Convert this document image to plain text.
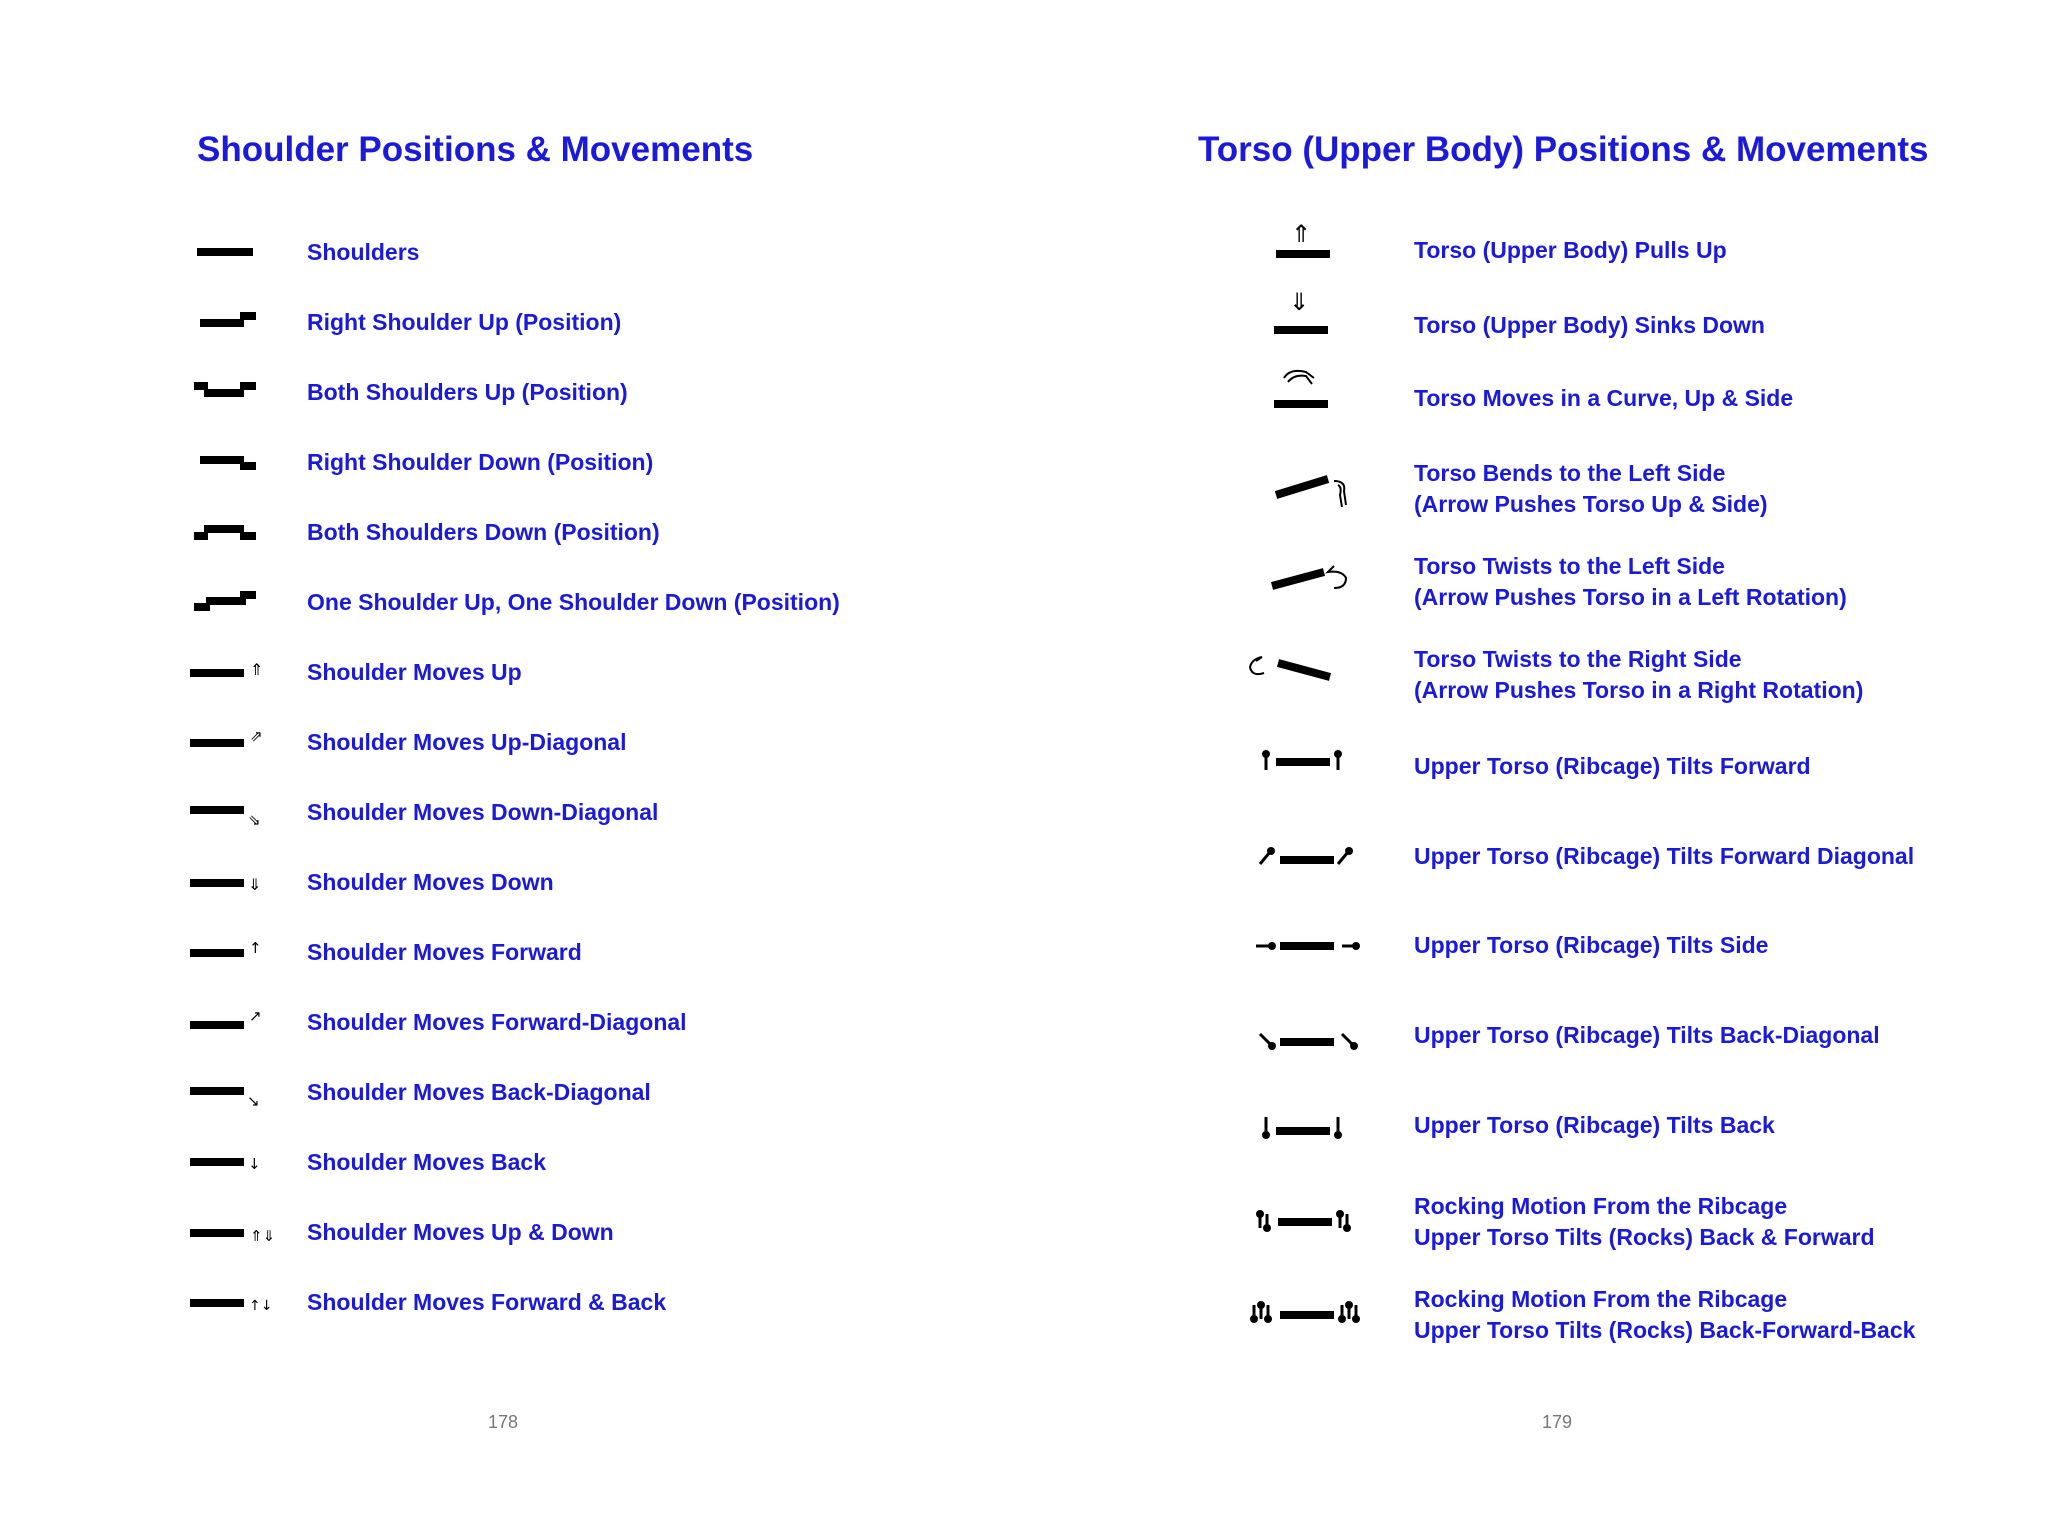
Shoulder Positions & Movements
Shoulders
Right Shoulder Up (Position)
Both Shoulders Up (Position)
Right Shoulder Down (Position)
Both Shoulders Down (Position)
One Shoulder Up, One Shoulder Down (Position)
⇑ Shoulder Moves Up
⇗ Shoulder Moves Up-Diagonal
⇘ Shoulder Moves Down-Diagonal
⇓ Shoulder Moves Down
↑ Shoulder Moves Forward
↗ Shoulder Moves Forward-Diagonal
↘ Shoulder Moves Back-Diagonal
↓ Shoulder Moves Back
⇑⇓ Shoulder Moves Up & Down
↑↓ Shoulder Moves Forward & Back
178
Torso (Upper Body) Positions & Movements
⇑
Torso (Upper Body) Pulls Up
⇓
Torso (Upper Body) Sinks Down
Torso Moves in a Curve, Up & Side
Torso Bends to the Left Side
(Arrow Pushes Torso Up & Side)
Torso Twists to the Left Side
(Arrow Pushes Torso in a Left Rotation)
Torso Twists to the Right Side
(Arrow Pushes Torso in a Right Rotation)
Upper Torso (Ribcage) Tilts Forward
Upper Torso (Ribcage) Tilts Forward Diagonal
Upper Torso (Ribcage) Tilts Side
Upper Torso (Ribcage) Tilts Back-Diagonal
Upper Torso (Ribcage) Tilts Back
Rocking Motion From the Ribcage
Upper Torso Tilts (Rocks) Back & Forward
Rocking Motion From the Ribcage
Upper Torso Tilts (Rocks) Back-Forward-Back
179
